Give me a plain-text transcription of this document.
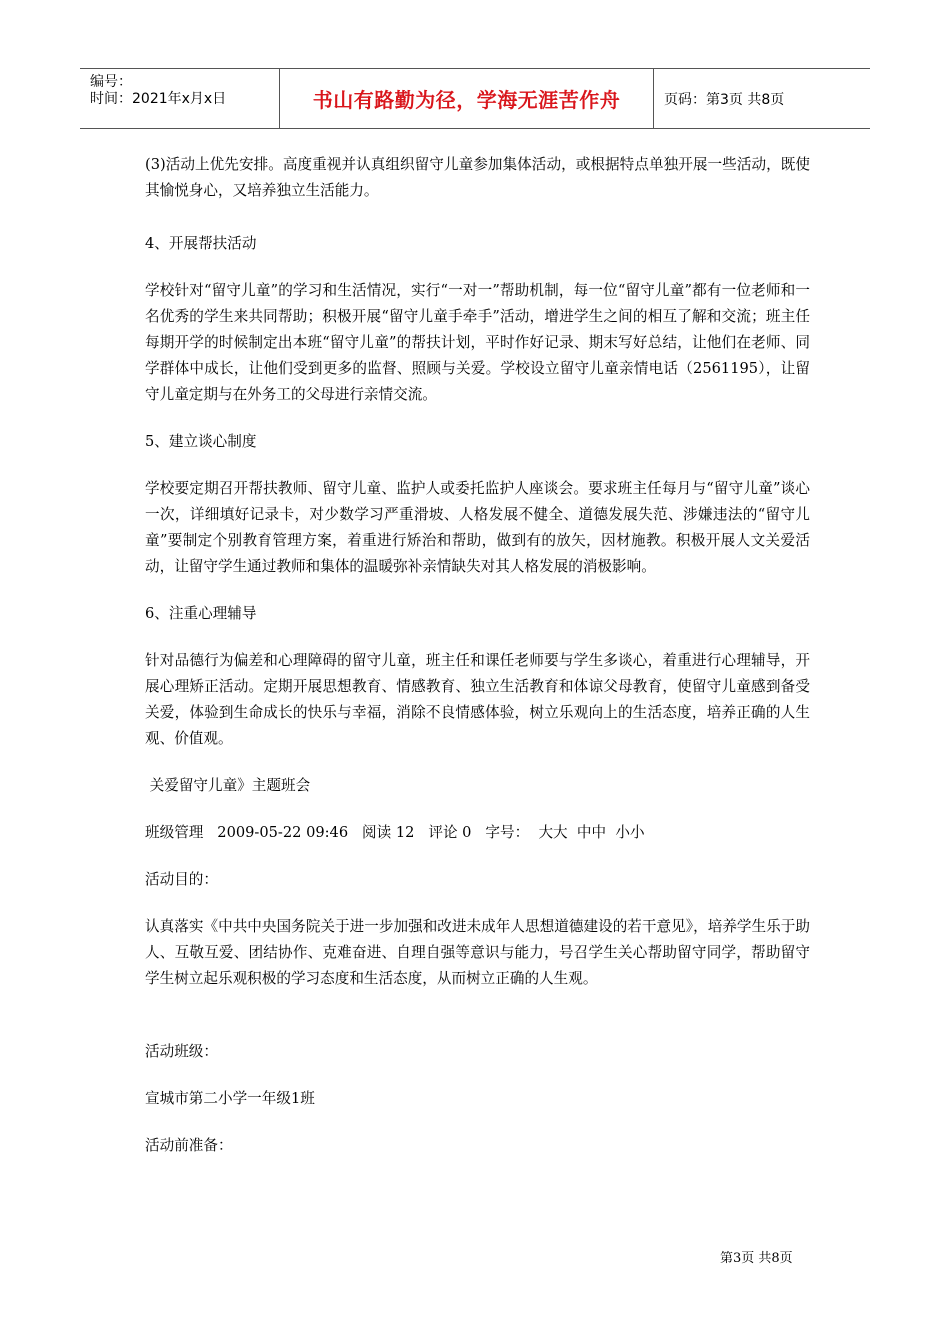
编号：
时间：2021年x月x日	书山有路勤为径，学海无涯苦作舟	页码：第3页 共8页

(3)活动上优先安排。高度重视并认真组织留守儿童参加集体活动，或根据特点单独开展一些活动，既使其愉悦身心，又培养独立生活能力。

4、开展帮扶活动

学校针对“留守儿童”的学习和生活情况，实行“一对一”帮助机制，每一位“留守儿童”都有一位老师和一名优秀的学生来共同帮助；积极开展“留守儿童手牵手”活动，增进学生之间的相互了解和交流；班主任每期开学的时候制定出本班“留守儿童”的帮扶计划，平时作好记录、期末写好总结，让他们在老师、同学群体中成长，让他们受到更多的监督、照顾与关爱。学校设立留守儿童亲情电话（2561195），让留守儿童定期与在外务工的父母进行亲情交流。

5、建立谈心制度

学校要定期召开帮扶教师、留守儿童、监护人或委托监护人座谈会。要求班主任每月与“留守儿童”谈心一次，详细填好记录卡，对少数学习严重滑坡、人格发展不健全、道德发展失范、涉嫌违法的“留守儿童”要制定个别教育管理方案，着重进行矫治和帮助，做到有的放矢，因材施教。积极开展人文关爱活动，让留守学生通过教师和集体的温暖弥补亲情缺失对其人格发展的消极影响。

6、注重心理辅导

针对品德行为偏差和心理障碍的留守儿童，班主任和课任老师要与学生多谈心，着重进行心理辅导，开展心理矫正活动。定期开展思想教育、情感教育、独立生活教育和体谅父母教育，使留守儿童感到备受关爱，体验到生命成长的快乐与幸福，消除不良情感体验，树立乐观向上的生活态度，培养正确的人生观、价值观。

关爱留守儿童》主题班会

班级管理   2009-05-22 09:46   阅读 12   评论 0   字号：  大大  中中  小小

活动目的：

认真落实《中共中央国务院关于进一步加强和改进未成年人思想道德建设的若干意见》，培养学生乐于助人、互敬互爱、团结协作、克难奋进、自理自强等意识与能力，号召学生关心帮助留守同学，帮助留守学生树立起乐观积极的学习态度和生活态度，从而树立正确的人生观。

活动班级：

宣城市第二小学一年级1班

活动前准备：

第3页 共8页
